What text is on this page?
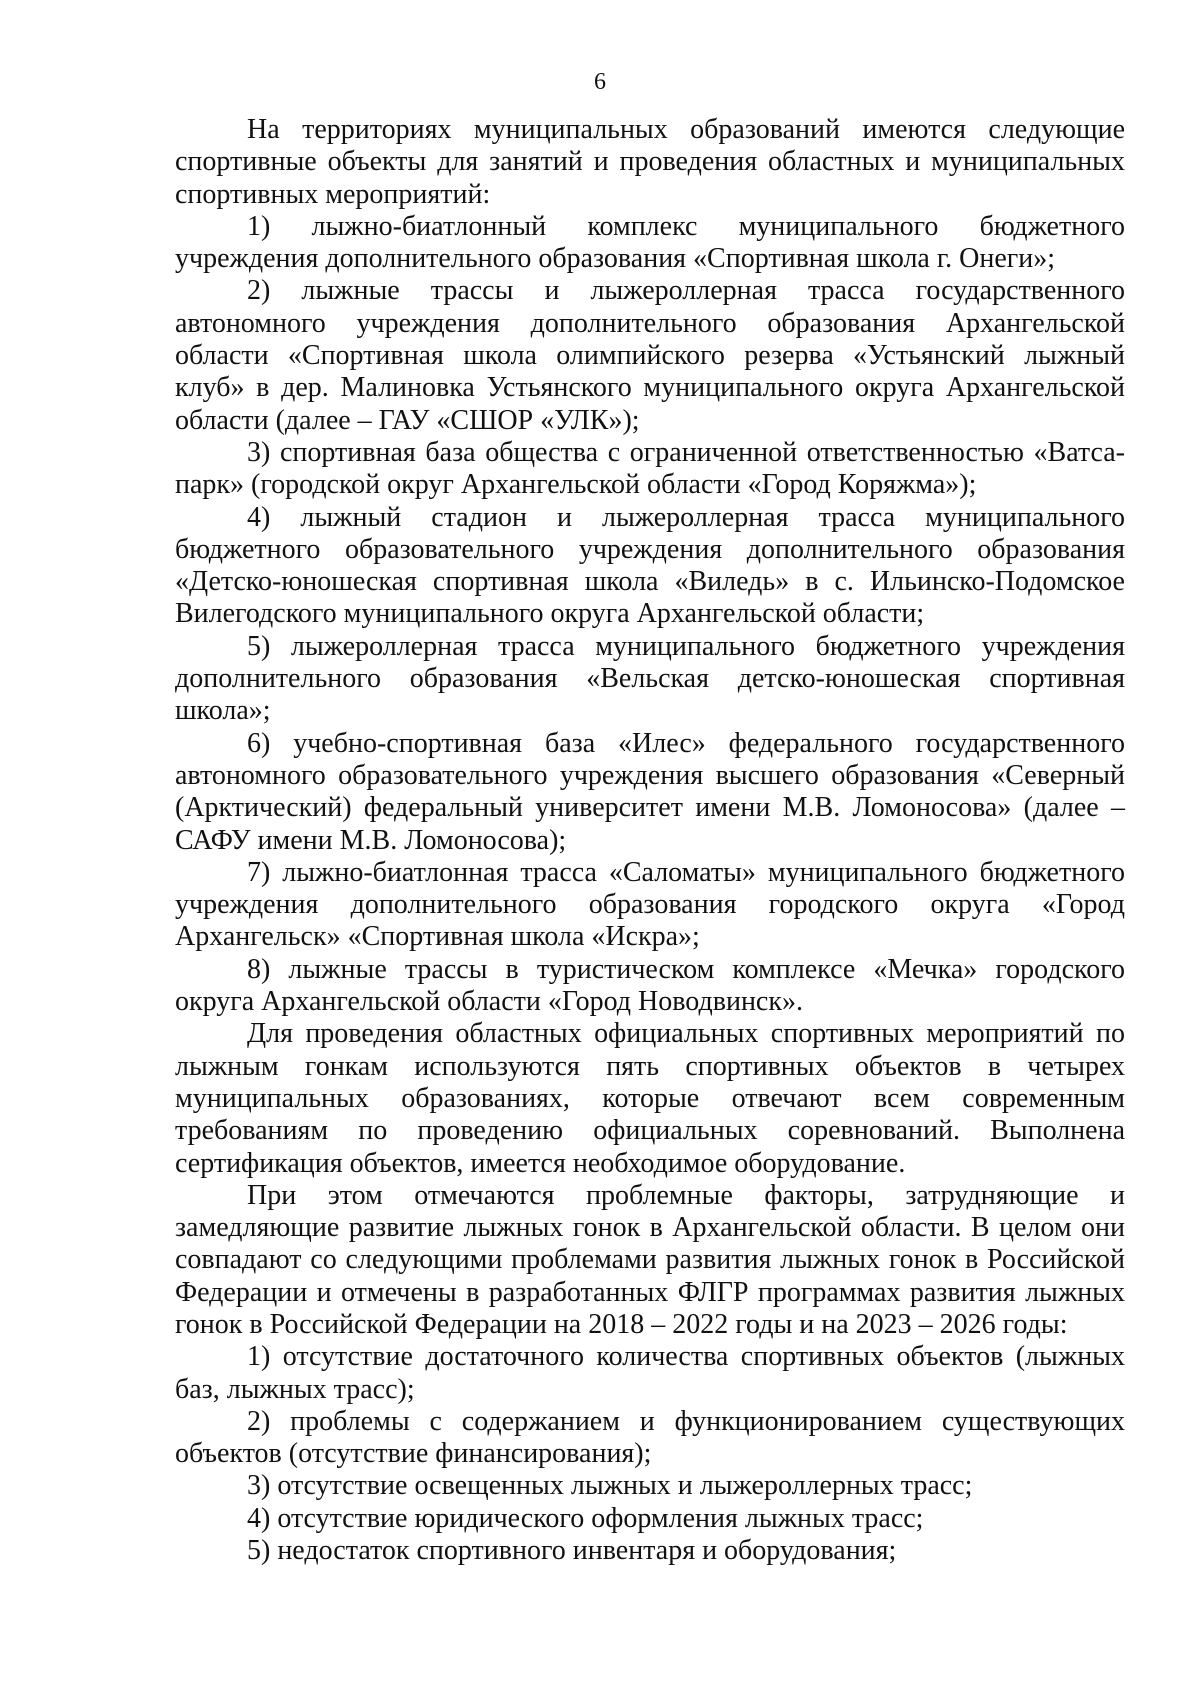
6

На территориях муниципальных образований имеются следующие спортивные объекты для занятий и проведения областных и муниципальных спортивных мероприятий:

1) лыжно-биатлонный комплекс муниципального бюджетного учреждения дополнительного образования «Спортивная школа г. Онеги»;

2) лыжные трассы и лыжероллерная трасса государственного автономного учреждения дополнительного образования Архангельской области «Спортивная школа олимпийского резерва «Устьянский лыжный клуб» в дер. Малиновка Устьянского муниципального округа Архангельской области (далее – ГАУ «СШОР «УЛК»);

3) спортивная база общества с ограниченной ответственностью «Ватса-парк» (городской округ Архангельской области «Город Коряжма»);

4) лыжный стадион и лыжероллерная трасса муниципального бюджетного образовательного учреждения дополнительного образования «Детско-юношеская спортивная школа «Виледь» в с. Ильинско-Подомское Вилегодского муниципального округа Архангельской области;

5) лыжероллерная трасса муниципального бюджетного учреждения дополнительного образования «Вельская детско-юношеская спортивная школа»;

6) учебно-спортивная база «Илес» федерального государственного автономного образовательного учреждения высшего образования «Северный (Арктический) федеральный университет имени М.В. Ломоносова» (далее – САФУ имени М.В. Ломоносова);

7) лыжно-биатлонная трасса «Саломаты» муниципального бюджетного учреждения дополнительного образования городского округа «Город Архангельск» «Спортивная школа «Искра»;

8) лыжные трассы в туристическом комплексе «Мечка» городского округа Архангельской области «Город Новодвинск».

Для проведения областных официальных спортивных мероприятий по лыжным гонкам используются пять спортивных объектов в четырех муниципальных образованиях, которые отвечают всем современным требованиям по проведению официальных соревнований. Выполнена сертификация объектов, имеется необходимое оборудование.

При этом отмечаются проблемные факторы, затрудняющие и замедляющие развитие лыжных гонок в Архангельской области. В целом они совпадают со следующими проблемами развития лыжных гонок в Российской Федерации и отмечены в разработанных ФЛГР программах развития лыжных гонок в Российской Федерации на 2018 – 2022 годы и на 2023 – 2026 годы:

1) отсутствие достаточного количества спортивных объектов (лыжных баз, лыжных трасс);

2) проблемы с содержанием и функционированием существующих объектов (отсутствие финансирования);

3) отсутствие освещенных лыжных и лыжероллерных трасс;

4) отсутствие юридического оформления лыжных трасс;

5) недостаток спортивного инвентаря и оборудования;
